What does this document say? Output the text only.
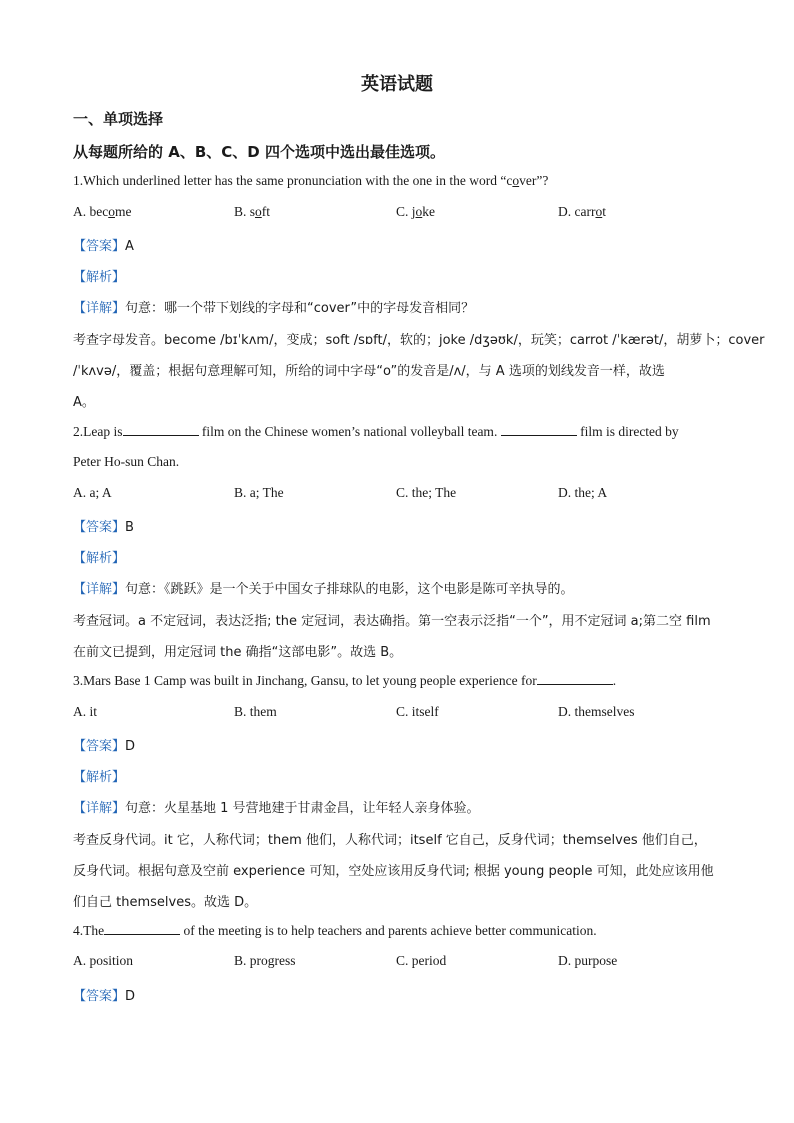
英语试题
一、单项选择
从每题所给的 A、B、C、D 四个选项中选出最佳选项。
1.Which underlined letter has the same pronunciation with the one in the word “cover”?
A. become	B. soft	C. joke	D. carrot
【答案】A
【解析】
【详解】句意：哪一个带下划线的字母和“cover”中的字母发音相同？
考查字母发音。become /bɪˈkʌm/，变成；soft /sɒft/，软的；joke /dʒəʊk/，玩笑；carrot /ˈkærət/，胡萝卜；cover
/ˈkʌvə/，覆盖；根据句意理解可知，所给的词中字母“o”的发音是/ʌ/，与 A 选项的划线发音一样，故选
A。
2.Leap is	film on the Chinese women’s national volleyball team.	film is directed by
Peter Ho-sun Chan.
A. a; A	B. a; The	C. the; The	D. the; A
【答案】B
【解析】
【详解】句意：《跳跃》是一个关于中国女子排球队的电影，这个电影是陈可辛执导的。
考查冠词。a 不定冠词，表达泛指; the 定冠词，表达确指。第一空表示泛指“一个”，用不定冠词 a;第二空 film
在前文已提到，用定冠词 the 确指“这部电影”。故选 B。
3.Mars Base 1 Camp was built in Jinchang, Gansu, to let young people experience for	.
A. it	B. them	C. itself	D. themselves
【答案】D
【解析】
【详解】句意：火星基地 1 号营地建于甘肃金昌，让年轻人亲身体验。
考查反身代词。it 它，人称代词；them 他们，人称代词；itself 它自己，反身代词；themselves 他们自己，
反身代词。根据句意及空前 experience 可知，空处应该用反身代词; 根据 young people 可知，此处应该用他
们自己 themselves。故选 D。
4.The	of the meeting is to help teachers and parents achieve better communication.
A. position	B. progress	C. period	D. purpose
【答案】D
